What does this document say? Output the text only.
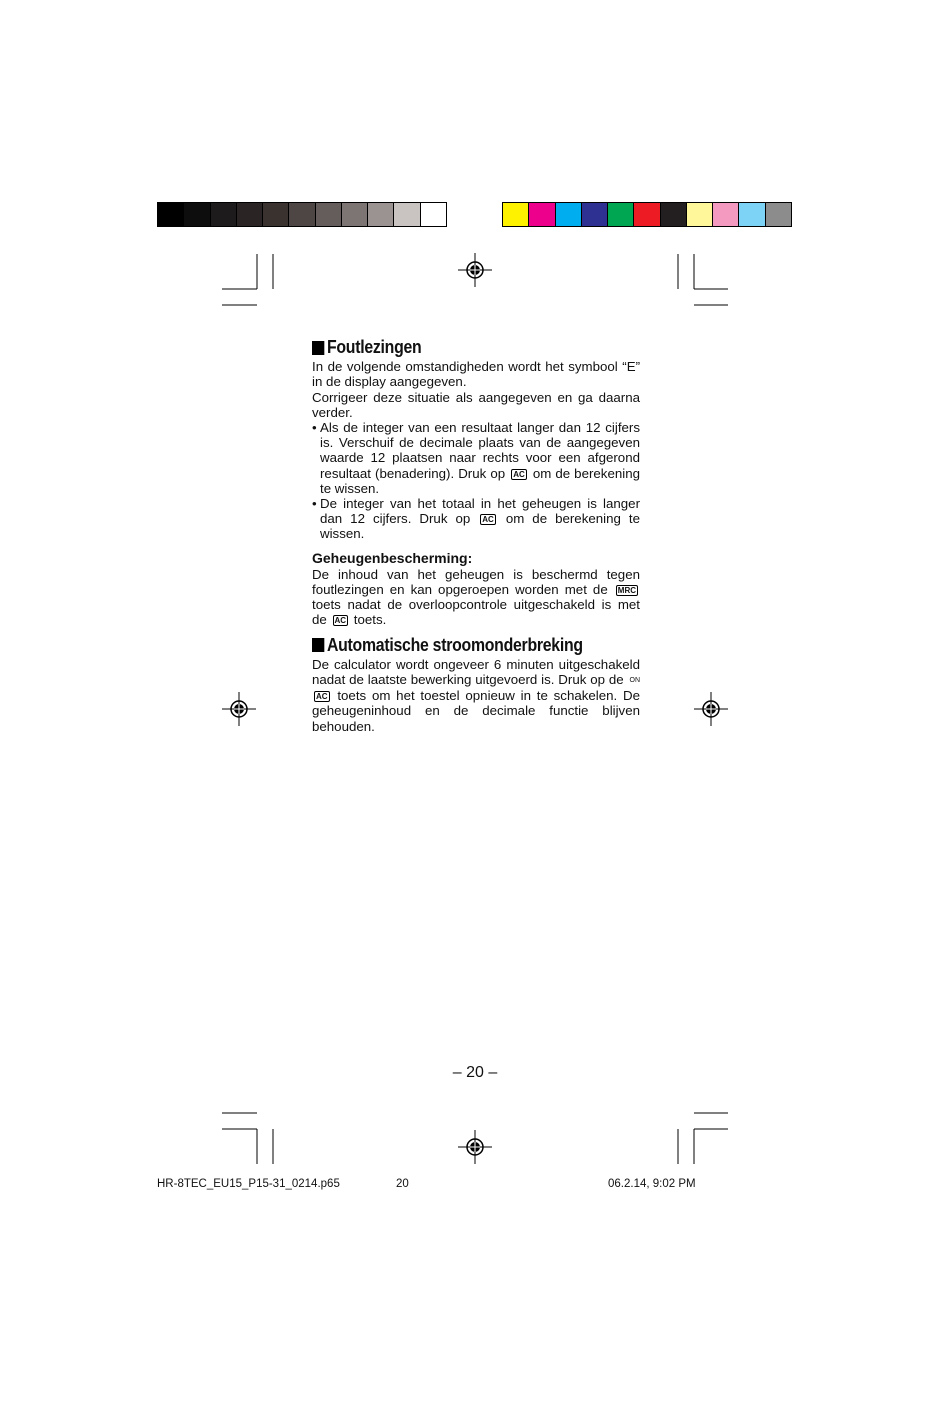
Foutlezingen

In de volgende omstandigheden wordt het symbool “E” in de display aangegeven.

Corrigeer deze situatie als aangegeven en ga daarna verder.

• Als de integer van een resultaat langer dan 12 cijfers is. Verschuif de decimale plaats van de aangegeven waarde 12 plaatsen naar rechts voor een afgerond resultaat (benadering). Druk op AC om de berekening te wissen.
• De integer van het totaal in het geheugen is langer dan 12 cijfers. Druk op AC om de berekening te wissen.
Geheugenbescherming:

De inhoud van het geheugen is beschermd tegen foutlezingen en kan opgeroepen worden met de MRC toets nadat de overloopcontrole uitgeschakeld is met de AC toets.

Automatische stroomonderbreking

De calculator wordt ongeveer 6 minuten uitgeschakeld nadat de laatste bewerking uitgevoerd is. Druk op de ONAC toets om het toestel opnieuw in te schakelen. De geheugeninhoud en de decimale functie blijven behouden.

– 20 –
HR-8TEC_EU15_P15-31_0214.p65	20	06.2.14, 9:02 PM
